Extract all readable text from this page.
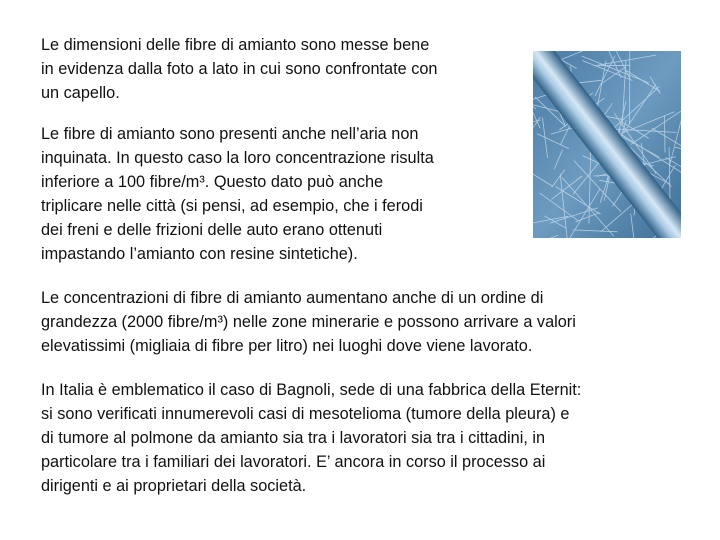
Le dimensioni delle fibre di amianto sono messe bene
in evidenza dalla foto a lato in cui sono confrontate con
un capello.

Le fibre di amianto sono presenti anche nell’aria non
inquinata. In questo caso la loro concentrazione risulta
inferiore a 100 fibre/m³. Questo dato può anche
triplicare nelle città (si pensi, ad esempio, che i ferodi
dei freni e delle frizioni delle auto erano ottenuti
impastando l’amianto con resine sintetiche).

Le concentrazioni di fibre di amianto aumentano anche di un ordine di
grandezza (2000 fibre/m³) nelle zone minerarie e possono arrivare a valori
elevatissimi (migliaia di fibre per litro) nei luoghi dove viene lavorato.

In Italia è emblematico il caso di Bagnoli, sede di una fabbrica della Eternit:
si sono verificati innumerevoli casi di mesotelioma (tumore della pleura) e
di tumore al polmone da amianto sia tra i lavoratori sia tra i cittadini, in
particolare tra i familiari dei lavoratori. E’ ancora in corso il processo ai
dirigenti e ai proprietari della società.
